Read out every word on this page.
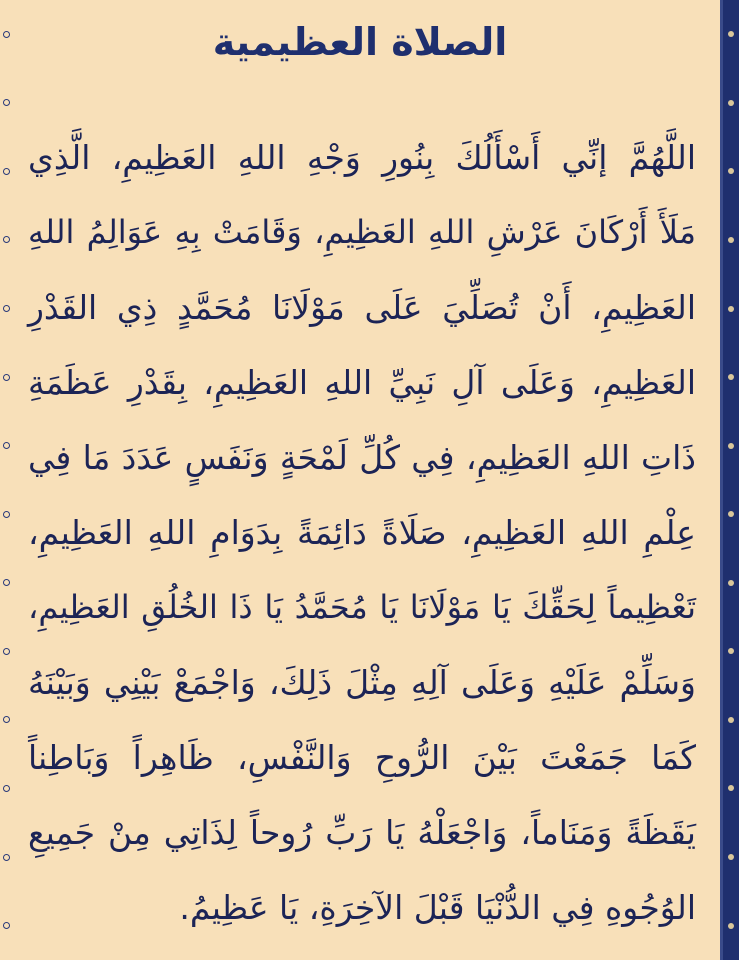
الصلاة العظيمية
اللَّهُمَّ إنِّي أَسْأَلُكَ بِنُورِ وَجْهِ اللهِ العَظِيمِ، الَّذِي
مَلَأَ أَرْكَانَ عَرْشِ اللهِ العَظِيمِ، وَقَامَتْ بِهِ عَوَالِمُ اللهِ
العَظِيمِ، أَنْ تُصَلِّيَ عَلَى مَوْلَانَا مُحَمَّدٍ ذِي القَدْرِ
العَظِيمِ، وَعَلَى آلِ نَبِيِّ اللهِ العَظِيمِ، بِقَدْرِ عَظَمَةِ
ذَاتِ اللهِ العَظِيمِ، فِي كُلِّ لَمْحَةٍ وَنَفَسٍ عَدَدَ مَا فِي
عِلْمِ اللهِ العَظِيمِ، صَلَاةً دَائِمَةً بِدَوَامِ اللهِ العَظِيمِ،
تَعْظِيماً لِحَقِّكَ يَا مَوْلَانَا يَا مُحَمَّدُ يَا ذَا الخُلُقِ العَظِيمِ،
وَسَلِّمْ عَلَيْهِ وَعَلَى آلِهِ مِثْلَ ذَلِكَ، وَاجْمَعْ بَيْنِي وَبَيْنَهُ
كَمَا جَمَعْتَ بَيْنَ الرُّوحِ وَالنَّفْسِ، ظَاهِراً وَبَاطِناً
يَقَظَةً وَمَنَاماً، وَاجْعَلْهُ يَا رَبِّ رُوحاً لِذَاتِي مِنْ جَمِيعِ
الوُجُوهِ فِي الدُّنْيَا قَبْلَ الآخِرَةِ، يَا عَظِيمُ.
